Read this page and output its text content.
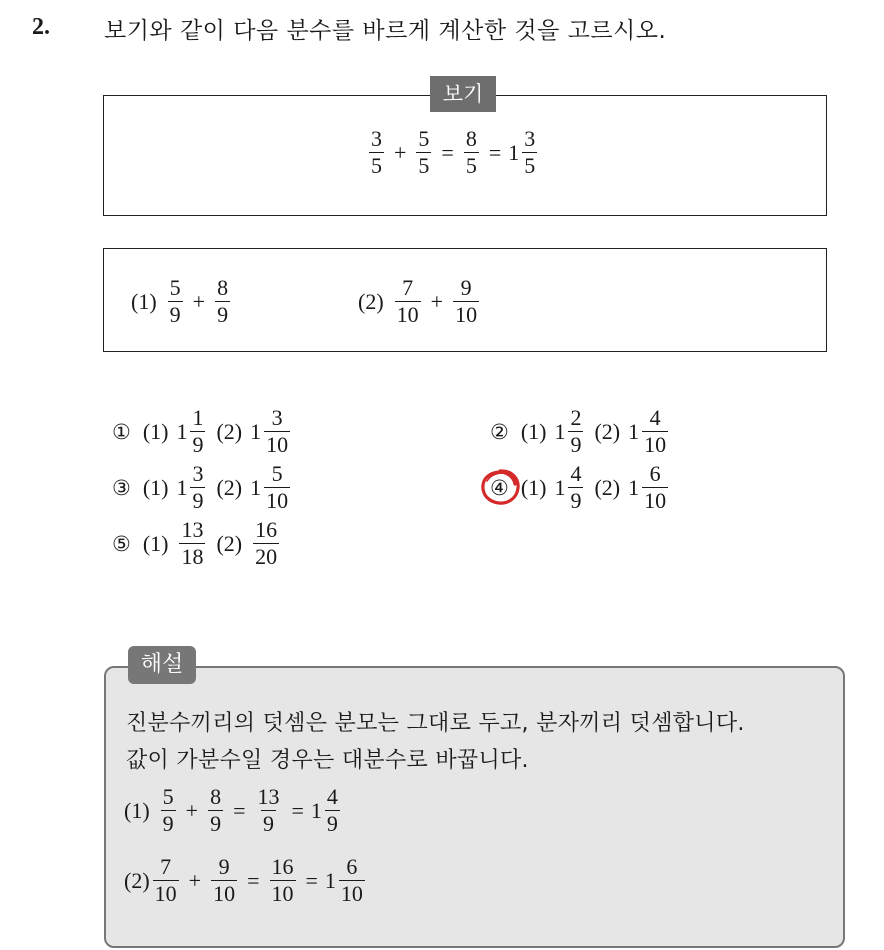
2. 보기와 같이 다음 분수를 바르게 계산한 것을 고르시오.
보기
$\frac{3}{5} + \frac{5}{5} = \frac{8}{5} = 1 \frac{3}{5}$
$(1) \frac{5}{9} + \frac{8}{9}$	$(2) \frac{7}{10} + \frac{9}{10}$
① (1) $1 \frac{1}{9} (2)$ $1 \frac{3}{10}$	② (1) $1 \frac{2}{9} (2)$ $1 \frac{4}{10}$
③ (1) $1 \frac{3}{9} (2)$ $1 \frac{5}{10}$	④ (1) $1 \frac{4}{9} (2)$ $1 \frac{6}{10}$
⑤ $(1) \frac{13}{18} (2) \frac{16}{20}$
해설
진분수끼리의 덧셈은 분모는 그대로 두고, 분자끼리 덧셈합니다.
값이 가분수일 경우는 대분수로 바꿉니다.
$(1) \frac{5}{9} + \frac{8}{9} = \frac{13}{9} = 1 \frac{4}{9}$
$(2) \frac{7}{10} + \frac{9}{10} = \frac{16}{10} = 1 \frac{6}{10}$
